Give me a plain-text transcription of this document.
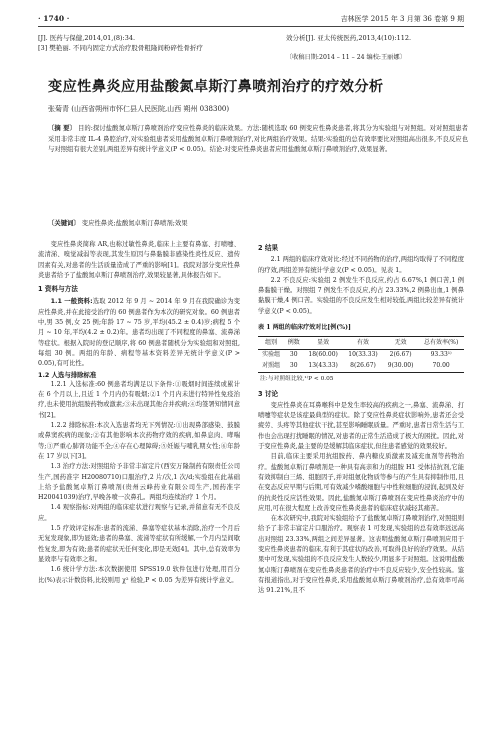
· 1740 ·	吉林医学 2015 年 3 月第 36 卷第 9 期
[J]. 医药与保健,2014,01,(8):34.
[3] 樊艳丽. 不同内固定方式治疗股骨粗隆间粉碎性骨折疗
效分析[J]. 亚太传统医药,2013,4(10):112.
〔收稿日期:2014 – 11 – 24 编校:王丽娜〕
变应性鼻炎应用盐酸氮卓斯汀鼻喷剂治疗的疗效分析
张菊青 (山西省朔州市怀仁县人民医院,山西 朔州 038300)
〔摘 要〕 目的:探讨盐酸氮卓斯汀鼻喷剂治疗变应性鼻炎的临床效果。方法:随机选取 60 例变应性鼻炎患者,将其分为实验组与对照组。对对照组患者采用非常丰度 IL-4 鼻腔治疗,对实验组患者采用盐酸氮卓斯汀鼻喷剂治疗,对比两组治疗效果。结果:实验组的总有效率要比对照组高出很多,不良反应也与对照组有很大差别,两组差异有统计学意义(P < 0.05)。结论:对变应性鼻炎患者应用盐酸氮卓斯汀鼻喷剂治疗,效果显著。
〔关键词〕 变应性鼻炎;盐酸氮卓斯汀鼻喷剂;效果

变应性鼻炎简称 AR,也称过敏性鼻炎,临床上主要有鼻塞、打喷嚏、流清涕、嗅觉减弱等表现,其发生原因与鼻黏膜非感染性炎性反应、遗传因素有关,对患者的生活质量造成了严重的影响[1]。我院对部分变应性鼻炎患者给予了盐酸氮卓斯汀鼻喷剂治疗,效果较显著,具体报告如下。

1 资料与方法

1.1 一般资料:选取 2012 年 9 月 ~ 2014 年 9 月在我院确诊为变应性鼻炎,并在此接受治疗的 60 例患者作为本次的研究对象。60 例患者中,男 35 例,女 25 例;年龄 17 ~ 75 岁,平均(45.2 ± 0.4)岁;病程 5 个月 ~ 10 年,平均(4.2 ± 0.2)年。患者均出现了不同程度的鼻塞、流鼻涕等症状。根据入院时的登记顺序,将 60 例患者随机分为实验组和对照组,每组 30 例。两组的年龄、病程等基本资料差异无统计学意义(P > 0.05),有可比性。

1.2 人选与排除标准

1.2.1 入选标准:60 例患者均满足以下条件:①吸烟时间连续或累计在 6 个月以上,且近 1 个月内仍有吸烟;②1 个月内未进行特异性免疫治疗,也未使用抗组胺药物或激素;③未出现其他合并疾病;④均签署知情同意书[2]。

1.2.2 排除标准:本次入选患者均无下列情况:①出现鼻部感染、鼓膜或鼻窦疾病的现象;②有其他影响本次药物疗效的疾病,如鼻息肉、哮喘等;③严重心肺肾功能不全;④存在心理障碍;⑤妊娠与哺乳期女性;⑥年龄在 17 岁以下[3]。

1.3 治疗方法:对照组给予非常丰富定片(西安万隆制药有限责任公司生产,国药准字 H20080710)口服治疗,2 片/次,1 次/d;实验组在此基础上给予盐酸氮卓斯汀鼻喷剂(贵州云峰药业有限公司生产,国药准字 H20041039)治疗,早晚各喷一次鼻孔。两组均连续治疗 1 个月。

1.4 观察指标:对两组的临床症状进行观察与记录,并留意有无不良反应。

1.5 疗效评定标准:患者的流涕、鼻塞等症状基本消除,治疗一个月后无复发现象,即为显效;患者的鼻塞、流涕等症状有所缓解,一个月内呈间歇性复发,即为有效;患者的症状无任何变化,即是无效[4]。其中,总有效率为显效率与有效率之和。

1.6 统计学方法:本次数据使用 SPSS19.0 软件包进行处理,用百分比(%)表示计数资料,比较则用 χ² 检验,P < 0.05 为差异有统计学意义。

2 结果

2.1 两组的临床疗效对比:经过不同药物的治疗,两组均取得了不同程度的疗效,两组差异有统计学意义(P < 0.05)。见表 1。

2.2 不良反应:实验组 2 例发生不良反应,约占 6.67%,1 例口苦,1 例鼻黏膜干燥。对照组 7 例发生不良反应,约占 23.33%,2 例鼻出血,1 例鼻黏膜干燥,4 例口苦。实验组的不良反应发生相对较低,两组比较差异有统计学意义(P < 0.05)。

表 1 两组的临床疗效对比[例(%)]
组别	例数	显效	有效	无效	总有效率(%)
实验组	30	18(60.00)	10(33.33)	2(6.67)	93.33¹⁾
对照组	30	13(43.33)	8(26.67)	9(30.00)	70.00
注:与对照组比较,¹⁾P < 0.05
3 讨论

变应性鼻炎在耳鼻喉科中是发生率较高的疾病之一,鼻塞、流鼻涕、打喷嚏等症状是该症最典型的症状。除了变应性鼻炎症状影响外,患者还会受疲劳、头疼等其他症状干扰,甚至影响睡眠质量。严重时,患者日常生活与工作也会出现打扰睡眠的情况,对患者的正常生活造成了极大的困扰。因此,对于变应性鼻炎,最主要的是缓解其临床症状,但往患者感觉的效果较好。

目前,临床主要采用抗组胺药、鼻内糖皮质激素及减充血剂等药物治疗。盐酸氮卓斯汀鼻喷剂是一种具有高亲和力的组胺 H1 受体拮抗剂,它能有效抑制白三烯、组胞因子,并对组氨化物质等参与的产生具有抑制作用,且在变态反应早期与后期,可有效减少嗜酸细胞与中性粒细胞的浸润,起到及好的抗炎性反应活性效果。因此,盐酸氮卓斯汀鼻喷剂在变应性鼻炎治疗中的应用,可在很大程度上改善变应性鼻炎患者的临床症状减轻其痛苦。

在本次研究中,我院对实验组给予了盐酸氮卓斯汀鼻喷剂治疗,对照组则给予了非常丰富定片口服治疗。观察表 1 可发现,实验组的总有效率远远高出对照组 23.33%,两组之间差异显著。这表明盐酸氮卓斯汀鼻喷剂应用于变应性鼻炎患者的临床,有利于其症状的改善,可取得良好的治疗效果。从结果中可发现,实验组的不良反应发生人数较少,明显多于对照组。这说明盐酸氮卓斯汀鼻喷剂在变应性鼻炎患者的治疗中不良反应较少,安全性较高。鉴有报道指出,对于变应性鼻炎,采用盐酸氮卓斯汀鼻喷剂治疗,总有效率可高达 91.21%,且不
